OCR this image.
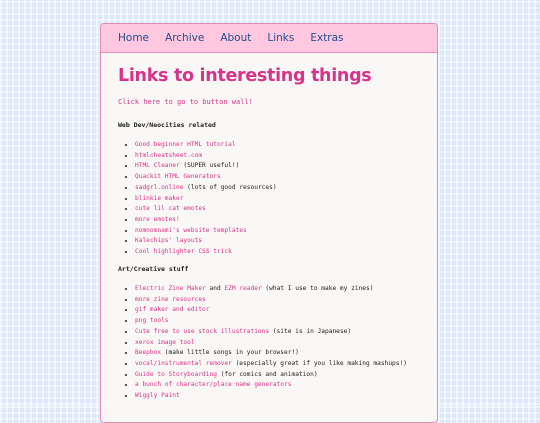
Home Archive About Links Extras
Links to interesting things
Click here to go to button wall!
Web Dev/Neocities related
• Good beginner HTML tutorial
• htmlcheatsheet.com
• HTML Cleaner (SUPER useful!)
• Quackit HTML Generators
• sadgrl.online (lots of good resources)
• blinkie maker
• cute lil cat emotes
• more emotes!
• nomnomnami's website templates
• Kalechips' layouts
• Cool highlighter CSS trick
Art/Creative stuff
• Electric Zine Maker and EZM reader (what I use to make my zines)
• more zine resources
• gif maker and editor
• png tools
• Cute free to use stock illustrations (site is in Japanese)
• xerox image tool
• Beepbox (make little songs in your browser!)
• vocal/instrumental remover (especially great if you like making mashups!)
• Guide to Storyboarding (for comics and animation)
• a bunch of character/place name generators
• Wiggly Paint
